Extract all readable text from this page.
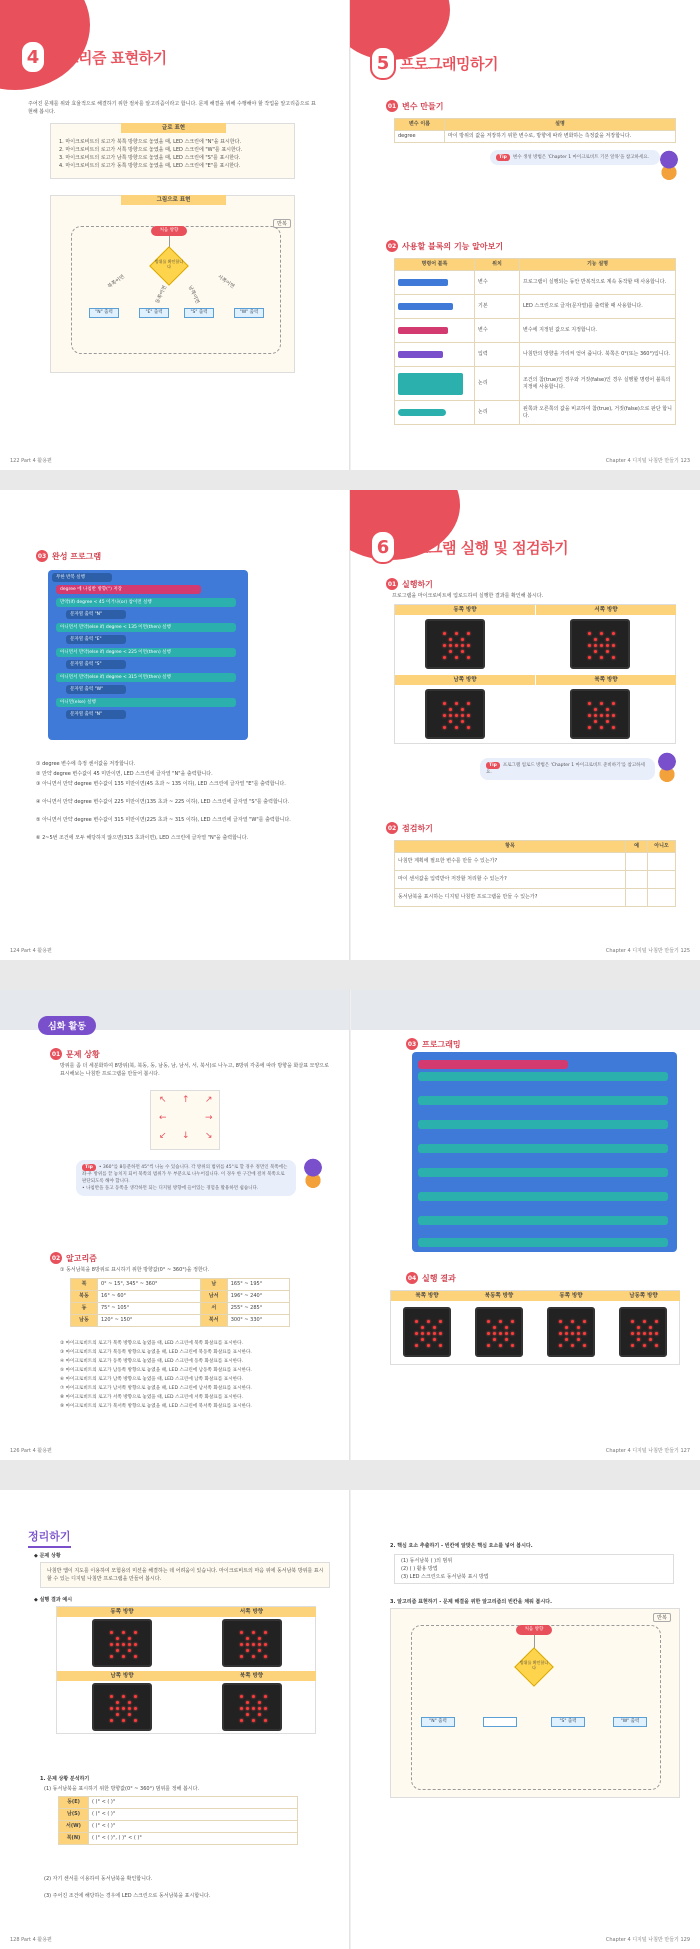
4 알고리즘 표현하기
주어진 문제를 위와 효율적으로 해결하기 위한 절차를 알고리즘이라고 합니다. 문제 해결을 위해 수행해야 할 작업을 알고리즘으로 표현해 봅시다.
글로 표현
1. 마이크로비트의 로고가 북쪽 방향으로 놓였을 때, LED 스크린에 "N"을 표시한다.
2. 마이크로비트의 로고가 서쪽 방향으로 놓였을 때, LED 스크린에 "W"를 표시한다.
3. 마이크로비트의 로고가 남쪽 방향으로 놓였을 때, LED 스크린에 "S"를 표시한다.
4. 마이크로비트의 로고가 동쪽 방향으로 놓였을 때, LED 스크린에 "E"를 표시한다.
그림으로 표현
반복
처음 방향
방위를 확인합니다
북쪽이면
동쪽이면	남쪽이면
서쪽이면
"N" 출력	"E" 출력	"S" 출력	"W" 출력
122 Part 4 활용편
5 프로그래밍하기
01 변수 만들기
변수 이름	설명
degree	마이 방위의 값을 저장하기 위한 변수로, 방향에 따라 변화하는 측정값을 저장합니다.
Tip 변수 생성 방법은 'Chapter 1 마이크로비트 기본 알목'을 참고하세요.
02 사용할 블록의 기능 알아보기
명령어 블록	위치	기능 설명

	변수	프로그램이 실행되는 동안 반복적으로 계속 동작할 때 사용합니다.

	기본	LED 스크린으로 글자(문자열)를 출력할 때 사용합니다.

	변수	변수에 지정된 값으로 지정합니다.

	입력	나침반의 방향을 가리켜 얻어 줍니다. 북쪽은 0°(또는 360°)입니다.

	논리	조건의 참(true)인 경우와 거짓(false)인 경우 실행할 명령어 블록의 지정에 사용합니다.

	논리	왼쪽과 오른쪽의 값을 비교하여 참(true), 거짓(false)으로 판단 합니다.
Chapter 4 디지털 나침반 만들기 123
03 완성 프로그램
무한 반복 실행
degree 에 나침반 방향(°) 저장
만약(if) degree < 45 이거나(or) 참이면 실행
문자열 출력 "N"
아니면서 만약(else if) degree < 135 이면(then) 실행
문자열 출력 "E"
아니면서 만약(else if) degree < 225 이면(then) 실행
문자열 출력 "S"
아니면서 만약(else if) degree < 315 이면(then) 실행
문자열 출력 "W"
아니면(else) 실행
문자열 출력 "N"
① degree 변수에 측정 센서값을 저장합니다.
② 만약 degree 변수값이 45 미만이면, LED 스크린에 글자열 "N"을 출력합니다.
③ 아니면서 만약 degree 변수값이 135 미만이면(45 초과 ~ 135 이하), LED 스크린에 글자열 "E"를 출력합니다.
④ 아니면서 만약 degree 변수값이 225 미만이면(135 초과 ~ 225 이하), LED 스크린에 글자열 "S"를 출력합니다.
⑤ 아니면서 만약 degree 변수값이 315 미만이면(225 초과 ~ 315 이하), LED 스크린에 글자열 "W"를 출력합니다.
⑥ 2~5번 조건에 모두 해당하지 않으면(315 초과이면), LED 스크린에 글자열 "N"을 출력합니다.
124 Part 4 활용편
6 프로그램 실행 및 점검하기
01 실행하기
프로그램을 마이크로비트에 업로드하여 실행한 결과를 확인해 봅시다.
동쪽 방향	서쪽 방향
남쪽 방향	북쪽 방향
Tip 프로그램 업로드 방법은 'Chapter 1 마이크로비트 준비하기'를 참고하세요.
02 점검하기
항목	예	아니오
나침반 계획에 필요한 변수를 만들 수 있는가?		
마이 센서값을 입력받아 저장할 처리할 수 있는가?		
동서남북을 표시하는 디지털 나침반 프로그램을 만들 수 있는가?		
Chapter 4 디지털 나침반 만들기 125
심화 활동
01 문제 상황
방위를 좀 더 세분화하여 8방위(북, 북동, 동, 남동, 남, 남서, 서, 북서)로 나누고, 8방위 각종에 따라 방향을 화살표 모양으로 표시해보는 나침반 프로그램을 만들어 봅시다.
↖ ↑ ↗
←	→
↙ ↓ ↘
Tip • 360°를 8등분하면 45°씩 나눌 수 있습니다. 각 방위의 범위를 45°로 할 경우 정면인 북쪽에는 좌·우 방위를 끝 놓치지 되어 북쪽의 범위가 두 부분으로 나누어집니다. 이 경우 한 구간에 걸쳐 북쪽으로 판단되도록 해야 합니다.
• 나침반을 돌고 동쪽을 생각하면 되는 디지털 방향에 들어있는 경험을 활용하면 쉽습니다.
02 알고리즘
① 동서남북을 8방위로 표시하기 위한 방향값(0° ~ 360°)을 정한다.
북	0° ~ 15°, 345° ~ 360°	남	165° ~ 195°
북동	16° ~ 60°	남서	196° ~ 240°
동	75° ~ 105°	서	255° ~ 285°
남동	120° ~ 150°	북서	300° ~ 330°
② 마이크로비트의 로고가 북쪽 방향으로 놓였을 때, LED 스크린에 북쪽 화살표를 표시한다.
③ 마이크로비트의 로고가 북동쪽 방향으로 놓였을 때, LED 스크린에 북동쪽 화살표를 표시한다.
④ 마이크로비트의 로고가 동쪽 방향으로 놓였을 때, LED 스크린에 동쪽 화살표를 표시한다.
⑤ 마이크로비트의 로고가 남동쪽 방향으로 놓였을 때, LED 스크린에 남동쪽 화살표를 표시한다.
⑥ 마이크로비트의 로고가 남쪽 방향으로 놓였을 때, LED 스크린에 남쪽 화살표를 표시한다.
⑦ 마이크로비트의 로고가 남서쪽 방향으로 놓였을 때, LED 스크린에 남서쪽 화살표를 표시한다.
⑧ 마이크로비트의 로고가 서쪽 방향으로 놓였을 때, LED 스크린에 서쪽 화살표를 표시한다.
⑨ 마이크로비트의 로고가 북서쪽 방향으로 놓였을 때, LED 스크린에 북서쪽 화살표를 표시한다.
126 Part 4 활용편
03 프로그래밍
04 실행 결과
북쪽 방향	북동쪽 방향	동쪽 방향	남동쪽 방향
Chapter 4 디지털 나침반 만들기 127
정리하기
◆ 문제 상황
나침반 앱이 지도를 이용하여 모험용의 미션을 해결하는 데 어려움이 있습니다. 마이크로비트의 마음 위에 동서남북 방위를 표시할 수 있는 디지털 나침반 프로그램을 만들어 봅시다.
◆ 실행 결과 예시
동쪽 방향	서쪽 방향
남쪽 방향	북쪽 방향
1. 문제 상황 분석하기
(1) 동서남북을 표시하기 위한 방향값(0° ~ 360°) 범위를 정해 봅시다.
동(E)	( )° < ( )°
남(S)	( )° < ( )°
서(W)	( )° < ( )°
북(N)	( )° < ( )°, ( )° < ( )°
(2) 자기 센서를 이용하여 동서남북을 확인합니다.
(3) 주어진 조건에 해당하는 경우에 LED 스크린으로 동서남북을 표시합니다.
128 Part 4 활용편
2. 핵심 요소 추출하기 - 빈칸에 알맞은 핵심 요소를 넣어 봅시다.
(1) 동서남북 ( )의 범위
(2) ( ) 활용 방법
(3) LED 스크린으로 동서남북 표시 방법
3. 알고리즘 표현하기 - 문제 해결을 위한 알고리즘의 빈칸을 채워 봅시다.
반복
처음 방향
방위를 확인합니다
"N" 출력	"S" 출력	"W" 출력
Chapter 4 디지털 나침반 만들기 129
